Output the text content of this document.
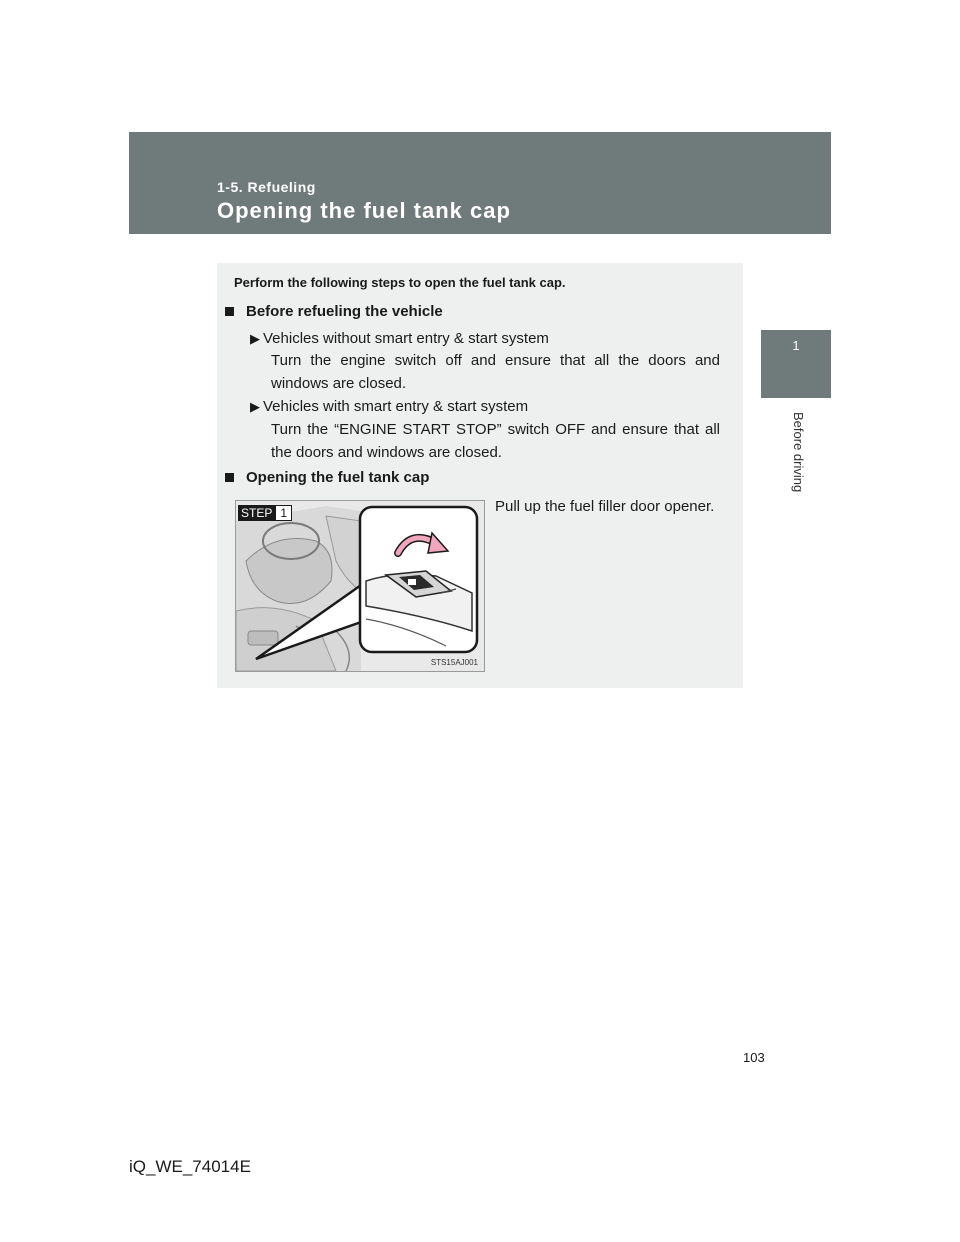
1-5. Refueling
Opening the fuel tank cap
1
Before driving
Perform the following steps to open the fuel tank cap.
Before refueling the vehicle
▶ Vehicles without smart entry & start system
Turn the engine switch off and ensure that all the doors and windows are closed.
▶ Vehicles with smart entry & start system
Turn the “ENGINE START STOP” switch OFF and ensure that all the doors and windows are closed.
Opening the fuel tank cap
STEP 1
STS15AJ001
Pull up the fuel filler door opener.
103
iQ_WE_74014E
